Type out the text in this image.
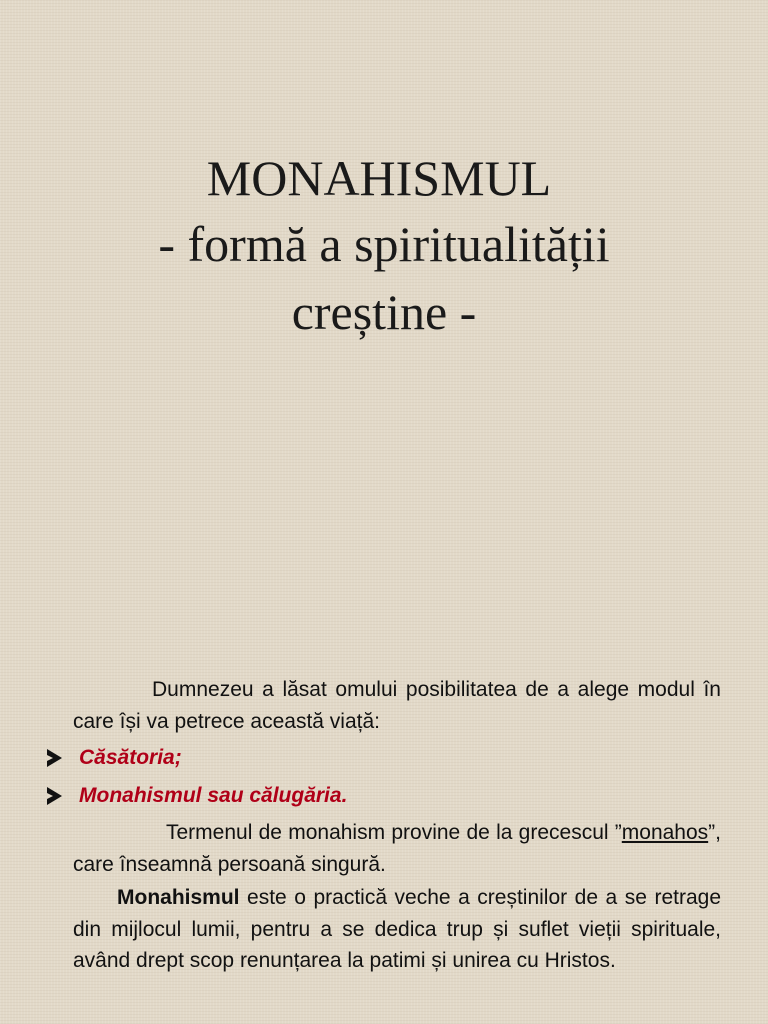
MONAHISMUL
- formă a spiritualității
creștine -

Dumnezeu a lăsat omului posibilitatea de a alege modul în care își va petrece această viață:

Căsătoria;
Monahismul sau călugăria.

Termenul de monahism provine de la grecescul ”monahos”, care înseamnă persoană singură.

Monahismul este o practică veche a creștinilor de a se retrage din mijlocul lumii, pentru a se dedica trup și suflet vieții spirituale, având drept scop renunțarea la patimi și unirea cu Hristos.
